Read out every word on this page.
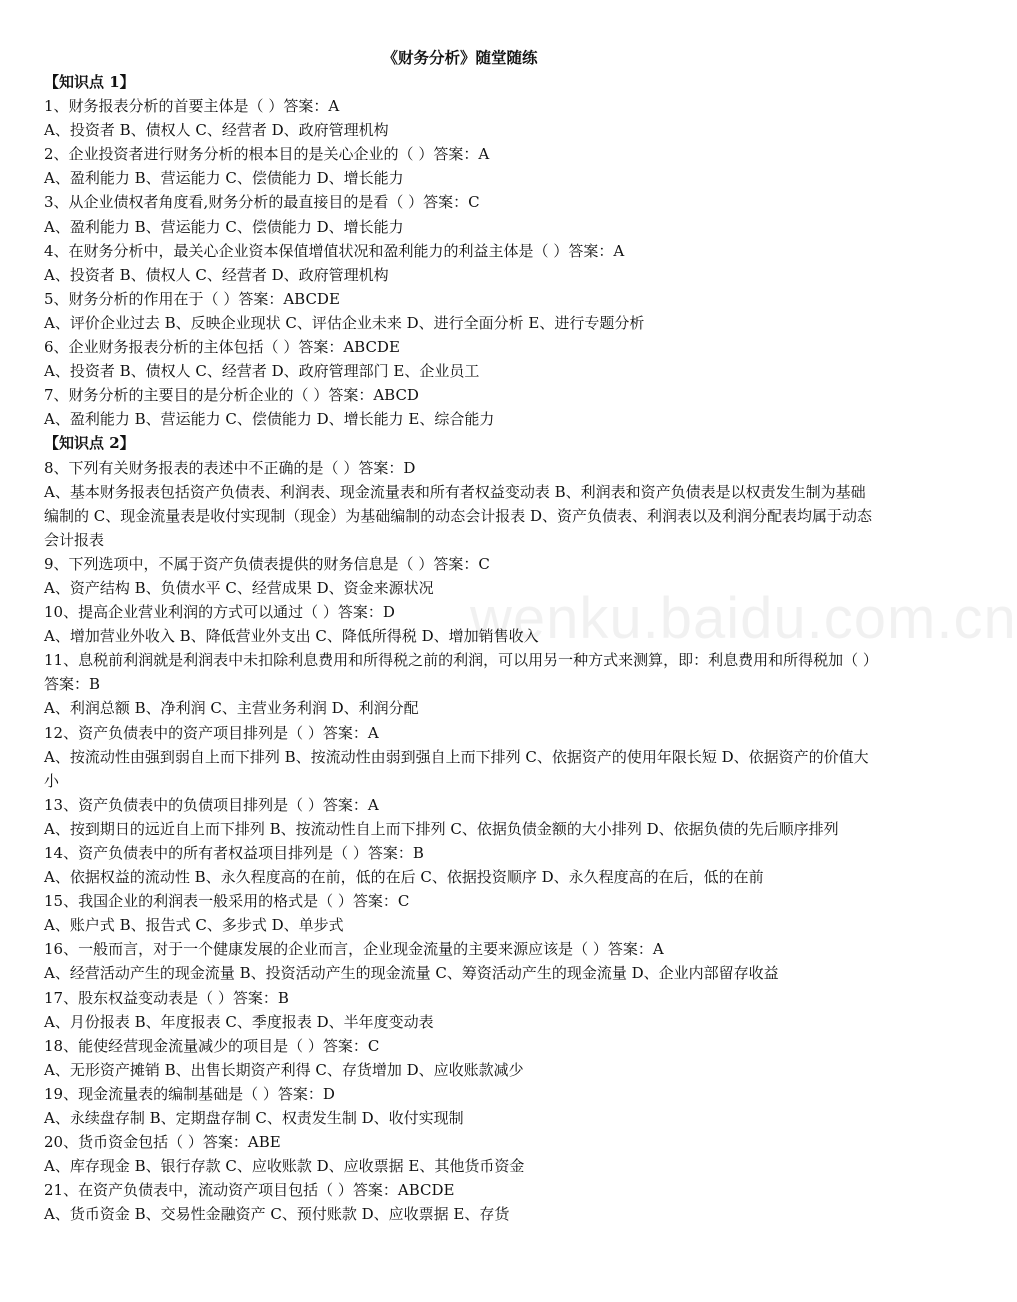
《财务分析》随堂随练
【知识点 1】
1、财务报表分析的首要主体是（ ）答案：A
A、投资者 B、债权人 C、经营者 D、政府管理机构
2、企业投资者进行财务分析的根本目的是关心企业的（ ）答案：A
A、盈利能力 B、营运能力 C、偿债能力 D、增长能力
3、从企业债权者角度看,财务分析的最直接目的是看（ ）答案：C
A、盈利能力 B、营运能力 C、偿债能力 D、增长能力
4、在财务分析中，最关心企业资本保值增值状况和盈利能力的利益主体是（ ）答案：A
A、投资者 B、债权人 C、经营者 D、政府管理机构
5、财务分析的作用在于（ ）答案：ABCDE
A、评价企业过去 B、反映企业现状 C、评估企业未来 D、进行全面分析 E、进行专题分析
6、企业财务报表分析的主体包括（ ）答案：ABCDE
A、投资者 B、债权人 C、经营者 D、政府管理部门 E、企业员工
7、财务分析的主要目的是分析企业的（ ）答案：ABCD
A、盈利能力 B、营运能力 C、偿债能力 D、增长能力 E、综合能力
【知识点 2】
8、下列有关财务报表的表述中不正确的是（ ）答案：D
A、基本财务报表包括资产负债表、利润表、现金流量表和所有者权益变动表 B、利润表和资产负债表是以权责发生制为基础编制的 C、现金流量表是收付实现制（现金）为基础编制的动态会计报表 D、资产负债表、利润表以及利润分配表均属于动态会计报表
9、下列选项中，不属于资产负债表提供的财务信息是（ ）答案：C
A、资产结构 B、负债水平 C、经营成果 D、资金来源状况
10、提高企业营业利润的方式可以通过（ ）答案：D
A、增加营业外收入 B、降低营业外支出 C、降低所得税 D、增加销售收入
11、息税前利润就是利润表中未扣除利息费用和所得税之前的利润，可以用另一种方式来测算，即：利息费用和所得税加（ ）答案：B
A、利润总额 B、净利润 C、主营业务利润 D、利润分配
12、资产负债表中的资产项目排列是（ ）答案：A
A、按流动性由强到弱自上而下排列 B、按流动性由弱到强自上而下排列 C、依据资产的使用年限长短 D、依据资产的价值大小
13、资产负债表中的负债项目排列是（ ）答案：A
A、按到期日的远近自上而下排列 B、按流动性自上而下排列 C、依据负债金额的大小排列 D、依据负债的先后顺序排列
14、资产负债表中的所有者权益项目排列是（ ）答案：B
A、依据权益的流动性 B、永久程度高的在前，低的在后 C、依据投资顺序 D、永久程度高的在后，低的在前
15、我国企业的利润表一般采用的格式是（ ）答案：C
A、账户式 B、报告式 C、多步式 D、单步式
16、一般而言，对于一个健康发展的企业而言，企业现金流量的主要来源应该是（ ）答案：A
A、经营活动产生的现金流量 B、投资活动产生的现金流量 C、筹资活动产生的现金流量 D、企业内部留存收益
17、股东权益变动表是（ ）答案：B
A、月份报表 B、年度报表 C、季度报表 D、半年度变动表
18、能使经营现金流量减少的项目是（ ）答案：C
A、无形资产摊销 B、出售长期资产利得 C、存货增加 D、应收账款减少
19、现金流量表的编制基础是（ ）答案：D
A、永续盘存制 B、定期盘存制 C、权责发生制 D、收付实现制
20、货币资金包括（ ）答案：ABE
A、库存现金 B、银行存款 C、应收账款 D、应收票据 E、其他货币资金
21、在资产负债表中，流动资产项目包括（ ）答案：ABCDE
A、货币资金 B、交易性金融资产 C、预付账款 D、应收票据 E、存货
wenku.baidu.com.cn
